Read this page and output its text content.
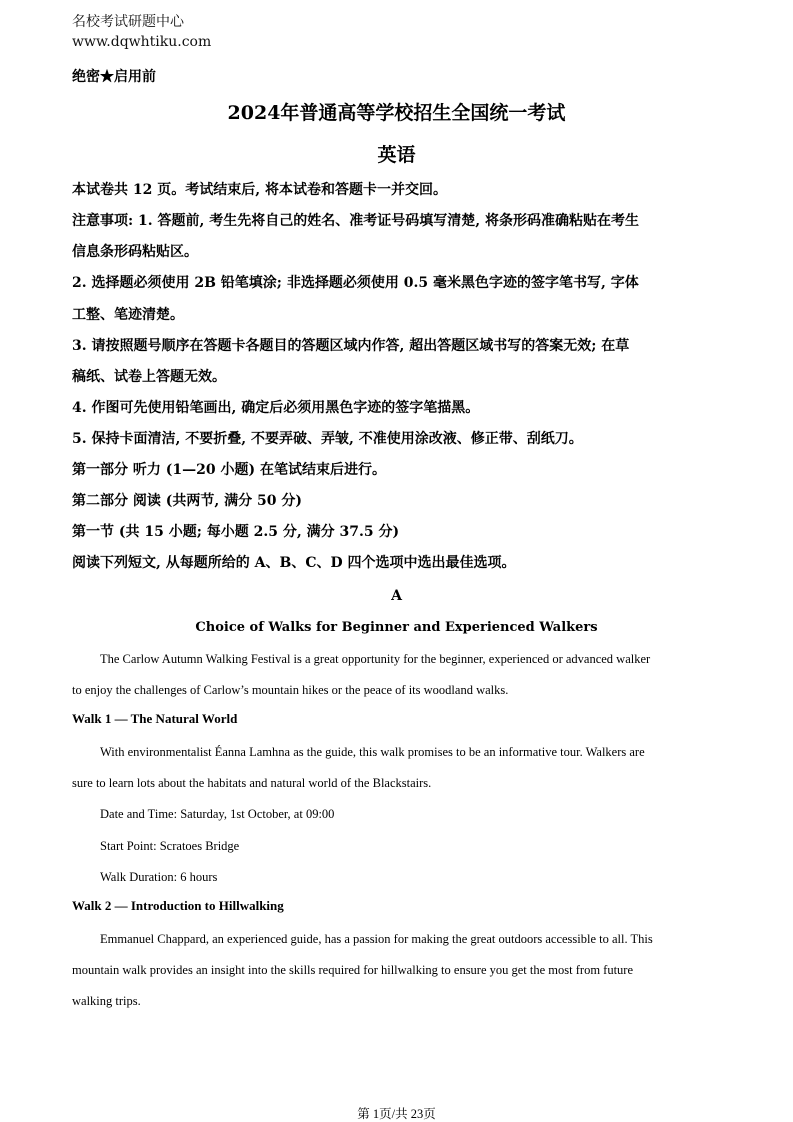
名校考试研题中心
www.dqwhtiku.com
绝密★启用前
2024年普通高等学校招生全国统一考试
英语
本试卷共 12 页。考试结束后, 将本试卷和答题卡一并交回。
注意事项: 1. 答题前, 考生先将自己的姓名、准考证号码填写清楚, 将条形码准确粘贴在考生
信息条形码粘贴区。
2. 选择题必须使用 2B 铅笔填涂; 非选择题必须使用 0.5 毫米黑色字迹的签字笔书写, 字体
工整、笔迹清楚。
3. 请按照题号顺序在答题卡各题目的答题区域内作答, 超出答题区域书写的答案无效; 在草
稿纸、试卷上答题无效。
4. 作图可先使用铅笔画出, 确定后必须用黑色字迹的签字笔描黑。
5. 保持卡面清洁, 不要折叠, 不要弄破、弄皱, 不准使用涂改液、修正带、刮纸刀。
第一部分 听力 (1—20 小题) 在笔试结束后进行。
第二部分 阅读 (共两节, 满分 50 分)
第一节 (共 15 小题; 每小题 2.5 分, 满分 37.5 分)
阅读下列短文, 从每题所给的 A、B、C、D 四个选项中选出最佳选项。
A
Choice of Walks for Beginner and Experienced Walkers
The Carlow Autumn Walking Festival is a great opportunity for the beginner, experienced or advanced walker
to enjoy the challenges of Carlow’s mountain hikes or the peace of its woodland walks.
Walk 1 — The Natural World
With environmentalist Éanna Lamhna as the guide, this walk promises to be an informative tour. Walkers are
sure to learn lots about the habitats and natural world of the Blackstairs.
Date and Time: Saturday, 1st October, at 09:00
Start Point: Scratoes Bridge
Walk Duration: 6 hours
Walk 2 — Introduction to Hillwalking
Emmanuel Chappard, an experienced guide, has a passion for making the great outdoors accessible to all. This
mountain walk provides an insight into the skills required for hillwalking to ensure you get the most from future
walking trips.
第 1页/共 23页
